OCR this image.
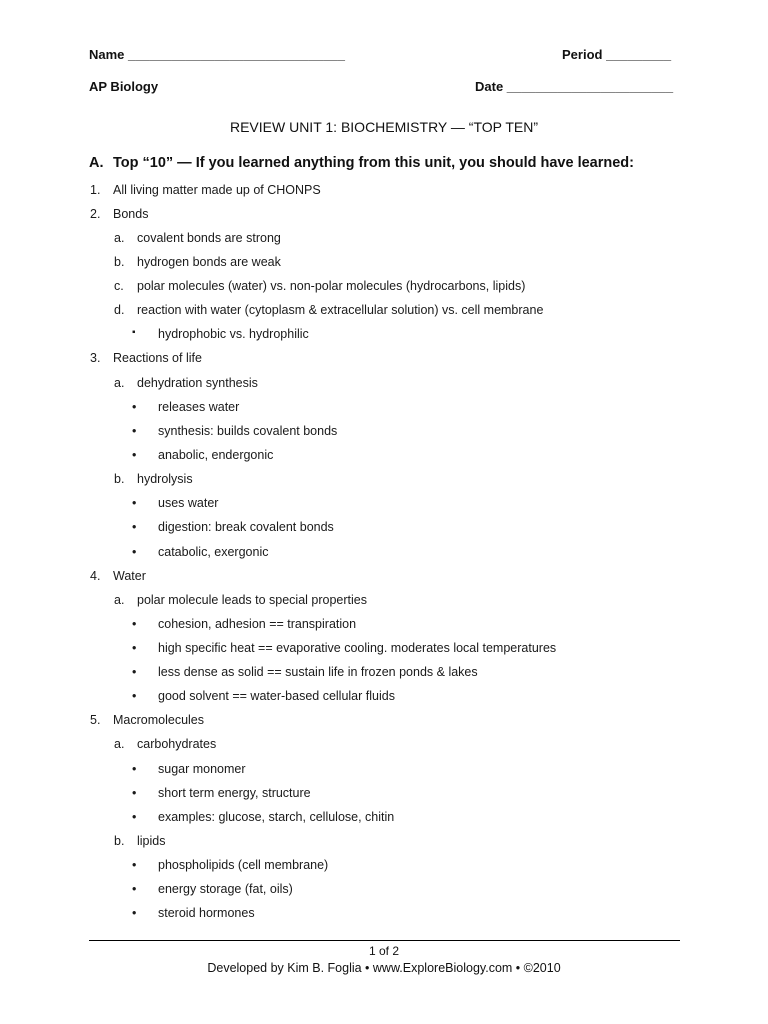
Name ______________________________	Period _________
AP Biology	Date _______________________
REVIEW UNIT 1: BIOCHEMISTRY — “TOP TEN”
A. Top “10” — If you learned anything from this unit, you should have learned:
1. All living matter made up of CHONPS
2. Bonds
a. covalent bonds are strong
b. hydrogen bonds are weak
c. polar molecules (water) vs. non-polar molecules (hydrocarbons, lipids)
d. reaction with water (cytoplasm & extracellular solution) vs. cell membrane
▪ hydrophobic vs. hydrophilic
3. Reactions of life
a. dehydration synthesis
• releases water
• synthesis: builds covalent bonds
• anabolic, endergonic
b. hydrolysis
• uses water
• digestion: break covalent bonds
• catabolic, exergonic
4. Water
a. polar molecule leads to special properties
• cohesion, adhesion == transpiration
• high specific heat == evaporative cooling. moderates local temperatures
• less dense as solid == sustain life in frozen ponds & lakes
• good solvent == water-based cellular fluids
5. Macromolecules
a. carbohydrates
• sugar monomer
• short term energy, structure
• examples: glucose, starch, cellulose, chitin
b. lipids
• phospholipids (cell membrane)
• energy storage (fat, oils)
• steroid hormones
1 of 2
Developed by Kim B. Foglia • www.ExploreBiology.com • ©2010
